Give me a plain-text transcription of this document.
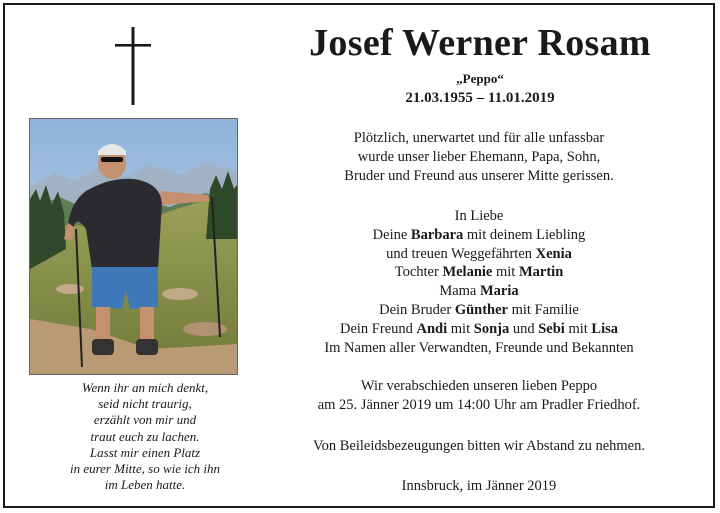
Wenn ihr an mich denkt,
seid nicht traurig,
erzählt von mir und
traut euch zu lachen.
Lasst mir einen Platz
in eurer Mitte, so wie ich ihn
im Leben hatte.
Josef Werner Rosam
„Peppo“
21.03.1955 – 11.01.2019
Plötzlich, unerwartet und für alle unfassbar
wurde unser lieber Ehemann, Papa, Sohn,
Bruder und Freund aus unserer Mitte gerissen.
In Liebe
Deine Barbara mit deinem Liebling
und treuen Weggefährten Xenia
Tochter Melanie mit Martin
Mama Maria
Dein Bruder Günther mit Familie
Dein Freund Andi mit Sonja und Sebi mit Lisa
Im Namen aller Verwandten, Freunde und Bekannten
Wir verabschieden unseren lieben Peppo
am 25. Jänner 2019 um 14:00 Uhr am Pradler Friedhof.
Von Beileidsbezeugungen bitten wir Abstand zu nehmen.
Innsbruck, im Jänner 2019
